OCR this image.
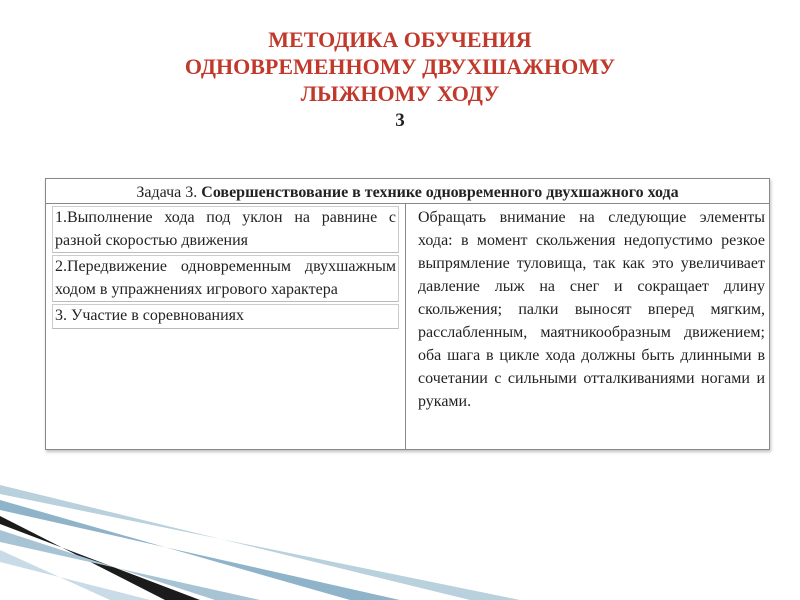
МЕТОДИКА ОБУЧЕНИЯ
ОДНОВРЕМЕННОМУ ДВУХШАЖНОМУ
ЛЫЖНОМУ ХОДУ
3
Задача 3. Совершенствование в технике одновременного двухшажного хода
1.Выполнение хода под уклон на равнине с разной скоростью движения
2.Передвижение одновременным двухшажным ходом в упражнениях игрового характера
3. Участие в соревнованиях
Обращать внимание на следующие элементы хода: в момент скольжения недопустимо резкое выпрямление туловища, так как это увеличивает давление лыж на снег и сокращает длину скольжения; палки выносят вперед мягким, расслабленным, маятникообразным движением; оба шага в цикле хода должны быть длинными в сочетании с сильными отталкиваниями ногами и руками.
